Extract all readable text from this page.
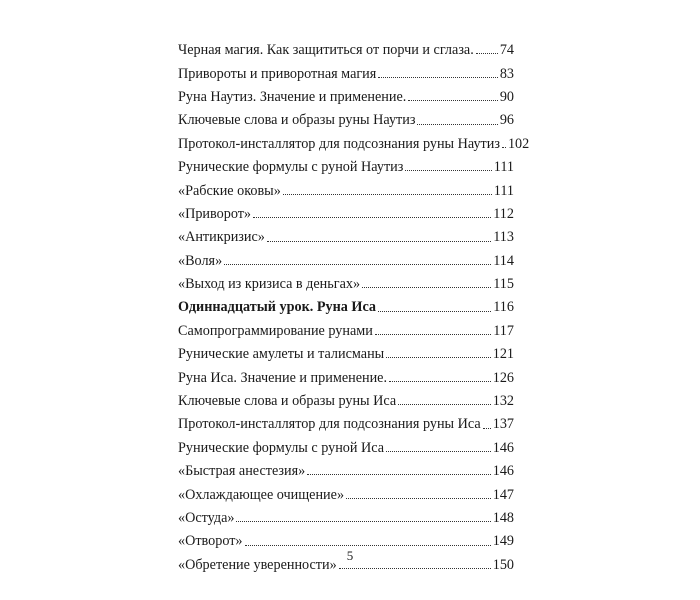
Черная магия. Как защититься от порчи и сглаза. 74
Привороты и приворотная магия	83
Руна Наутиз. Значение и применение.	90
Ключевые слова и образы руны Наутиз	96
Протокол-инсталлятор для подсознания руны Наутиз 102
Рунические формулы с руной Наутиз	111
«Рабские оковы»	111
«Приворот»	112
«Антикризис»	113
«Воля»	114
«Выход из кризиса в деньгах»	115
Одиннадцатый урок. Руна Иса	116
Самопрограммирование рунами	117
Рунические амулеты и талисманы	121
Руна Иса. Значение и применение.	126
Ключевые слова и образы руны Иса	132
Протокол-инсталлятор для подсознания руны Иса 137
Рунические формулы с руной Иса	146
«Быстрая анестезия»	146
«Охлаждающее очищение»	147
«Остуда»	148
«Отворот»	149
«Обретение уверенности»	150
5
